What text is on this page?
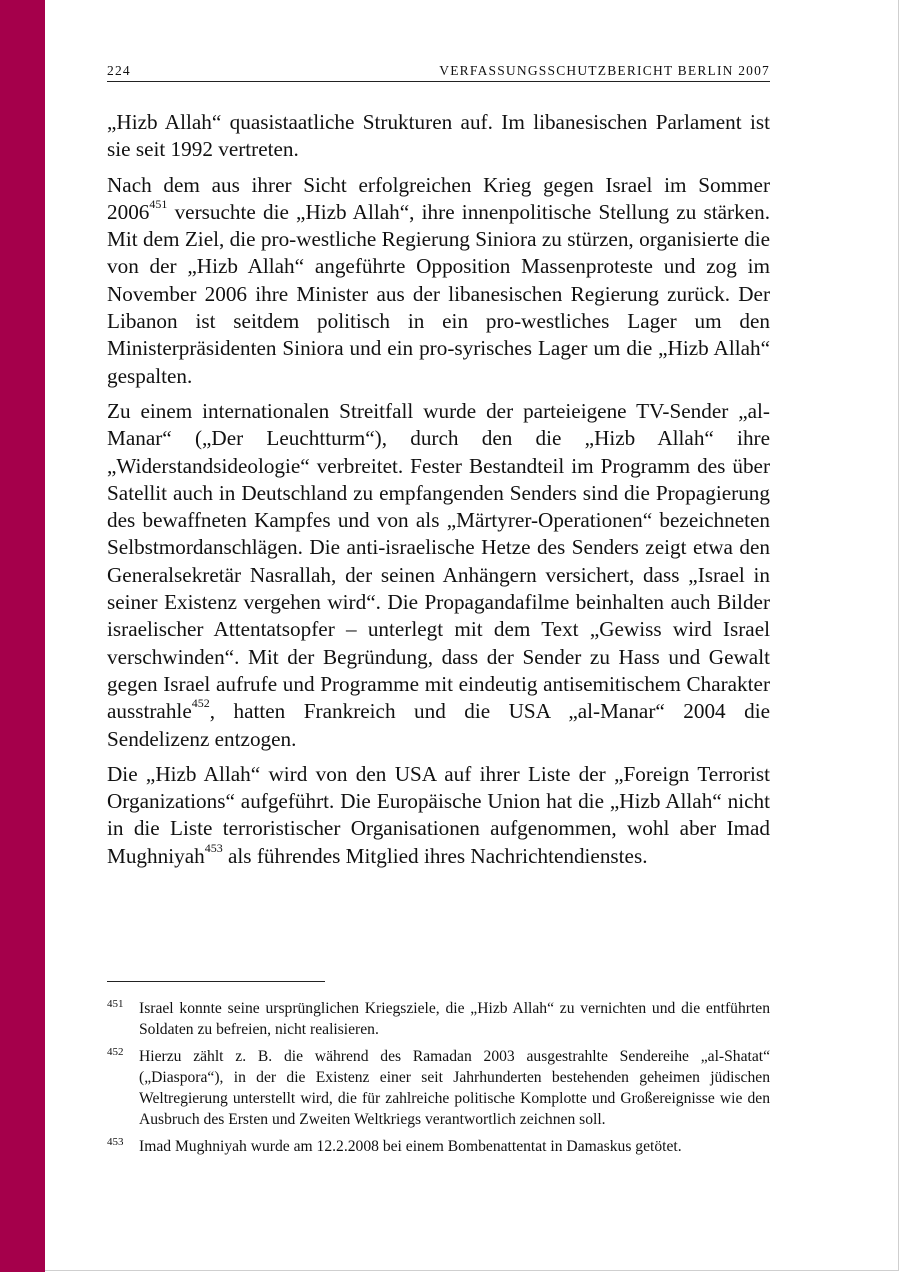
224	VERFASSUNGSSCHUTZBERICHT BERLIN 2007

„Hizb Allah“ quasistaatliche Strukturen auf. Im libanesischen Parlament ist sie seit 1992 vertreten.

Nach dem aus ihrer Sicht erfolgreichen Krieg gegen Israel im Sommer 2006$^{451}$ versuchte die „Hizb Allah“, ihre innenpolitische Stellung zu stärken. Mit dem Ziel, die pro-westliche Regierung Siniora zu stürzen, organisierte die von der „Hizb Allah“ angeführte Opposition Massenproteste und zog im November 2006 ihre Minister aus der libanesischen Regierung zurück. Der Libanon ist seitdem politisch in ein pro-westliches Lager um den Ministerpräsidenten Siniora und ein pro-syrisches Lager um die „Hizb Allah“ gespalten.

Zu einem internationalen Streitfall wurde der parteieigene TV-Sender „al-Manar“ („Der Leuchtturm“), durch den die „Hizb Allah“ ihre „Widerstandsideologie“ verbreitet. Fester Bestandteil im Programm des über Satellit auch in Deutschland zu empfangenden Senders sind die Propagierung des bewaffneten Kampfes und von als „Märtyrer-Operationen“ bezeichneten Selbstmordanschlägen. Die anti-israelische Hetze des Senders zeigt etwa den Generalsekretär Nasrallah, der seinen Anhängern versichert, dass „Israel in seiner Existenz vergehen wird“. Die Propagandafilme beinhalten auch Bilder israelischer Attentatsopfer – unterlegt mit dem Text „Gewiss wird Israel verschwinden“. Mit der Begründung, dass der Sender zu Hass und Gewalt gegen Israel aufrufe und Programme mit eindeutig antisemitischem Charakter ausstrahle$^{452}$, hatten Frankreich und die USA „al-Manar“ 2004 die Sendelizenz entzogen.

Die „Hizb Allah“ wird von den USA auf ihrer Liste der „Foreign Terrorist Organizations“ aufgeführt. Die Europäische Union hat die „Hizb Allah“ nicht in die Liste terroristischer Organisationen aufgenommen, wohl aber Imad Mughniyah$^{453}$ als führendes Mitglied ihres Nachrichtendienstes.

451 Israel konnte seine ursprünglichen Kriegsziele, die „Hizb Allah“ zu vernichten und die entführten Soldaten zu befreien, nicht realisieren.
452 Hierzu zählt z. B. die während des Ramadan 2003 ausgestrahlte Sendereihe „al-Shatat“ („Diaspora“), in der die Existenz einer seit Jahrhunderten bestehenden geheimen jüdischen Weltregierung unterstellt wird, die für zahlreiche politische Komplotte und Großereignisse wie den Ausbruch des Ersten und Zweiten Weltkriegs verantwortlich zeichnen soll.
453 Imad Mughniyah wurde am 12.2.2008 bei einem Bombenattentat in Damaskus getötet.
